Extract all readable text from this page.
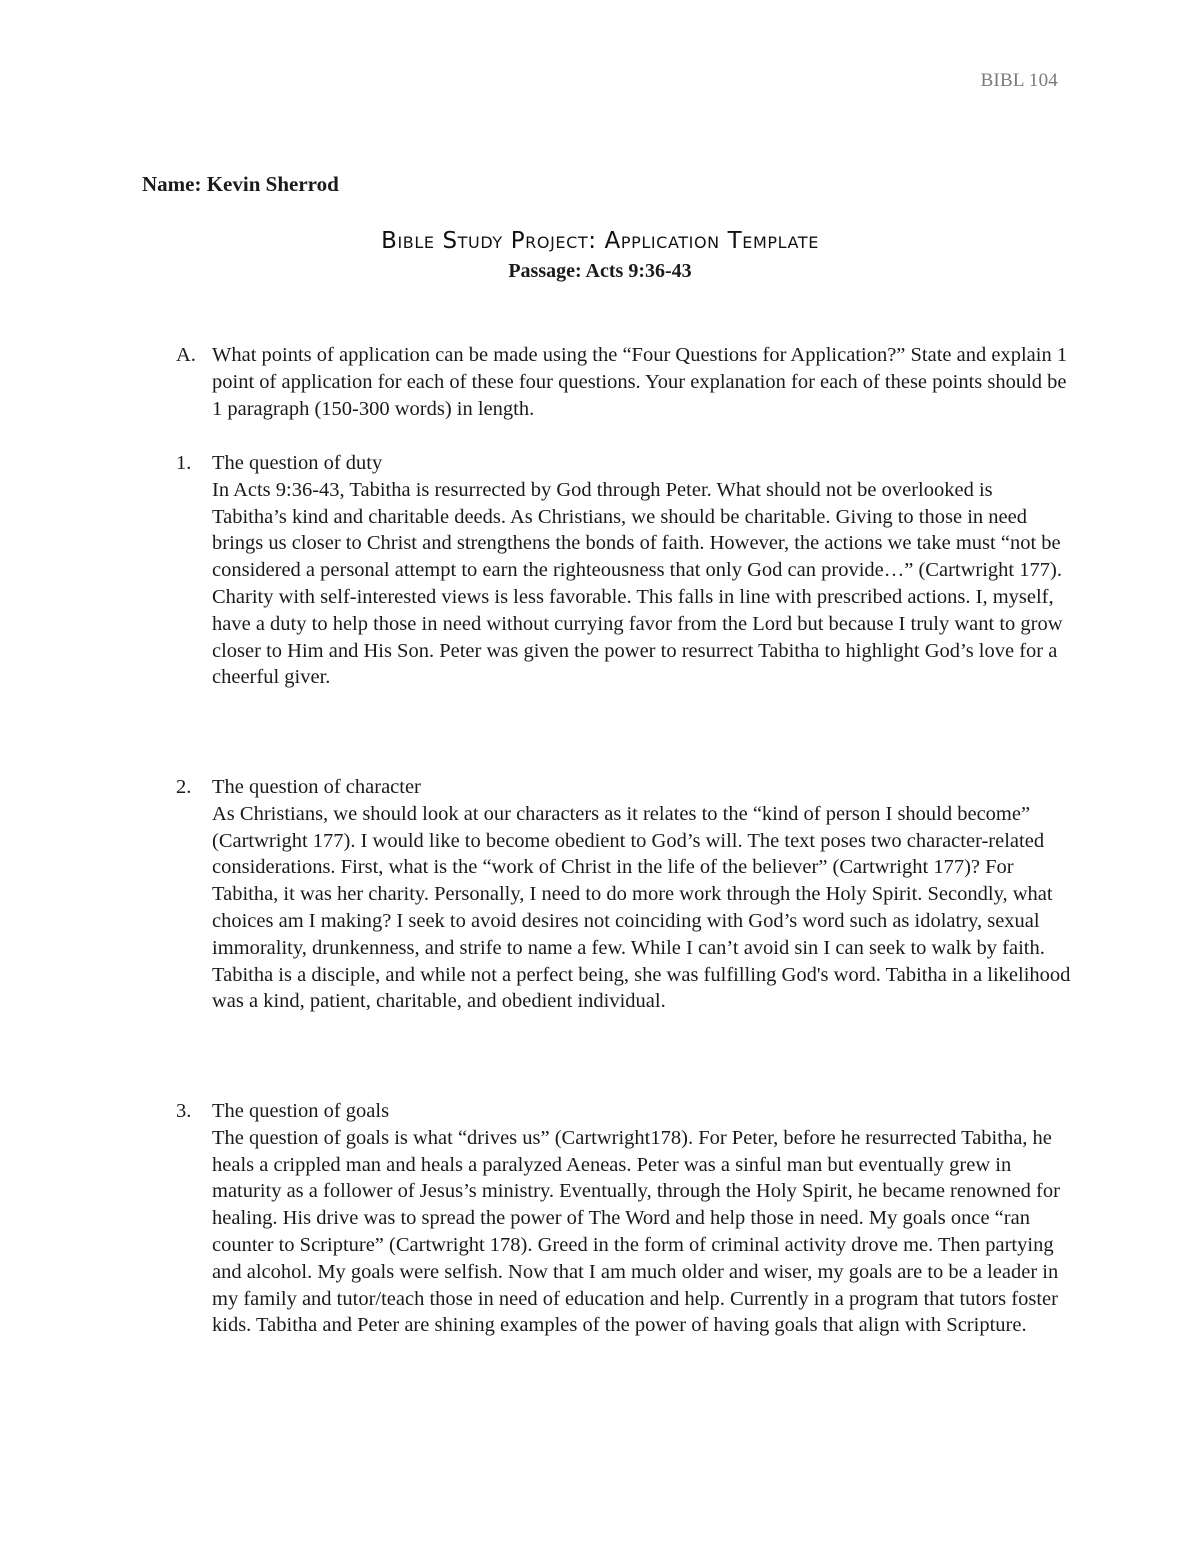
BIBL 104
Name: Kevin Sherrod
Bible Study Project: Application Template
Passage: Acts 9:36-43
A. What points of application can be made using the “Four Questions for Application?” State and explain 1 point of application for each of these four questions. Your explanation for each of these points should be 1 paragraph (150-300 words) in length.
1. The question of duty
In Acts 9:36-43, Tabitha is resurrected by God through Peter. What should not be overlooked is Tabitha’s kind and charitable deeds. As Christians, we should be charitable. Giving to those in need brings us closer to Christ and strengthens the bonds of faith. However, the actions we take must “not be considered a personal attempt to earn the righteousness that only God can provide…” (Cartwright 177). Charity with self-interested views is less favorable. This falls in line with prescribed actions. I, myself, have a duty to help those in need without currying favor from the Lord but because I truly want to grow closer to Him and His Son. Peter was given the power to resurrect Tabitha to highlight God’s love for a cheerful giver.
2. The question of character
As Christians, we should look at our characters as it relates to the “kind of person I should become” (Cartwright 177). I would like to become obedient to God’s will. The text poses two character-related considerations. First, what is the “work of Christ in the life of the believer” (Cartwright 177)? For Tabitha, it was her charity. Personally, I need to do more work through the Holy Spirit. Secondly, what choices am I making? I seek to avoid desires not coinciding with God’s word such as idolatry, sexual immorality, drunkenness, and strife to name a few. While I can’t avoid sin I can seek to walk by faith. Tabitha is a disciple, and while not a perfect being, she was fulfilling God's word. Tabitha in a likelihood was a kind, patient, charitable, and obedient individual.
3. The question of goals
The question of goals is what “drives us” (Cartwright178). For Peter, before he resurrected Tabitha, he heals a crippled man and heals a paralyzed Aeneas. Peter was a sinful man but eventually grew in maturity as a follower of Jesus’s ministry. Eventually, through the Holy Spirit, he became renowned for healing. His drive was to spread the power of The Word and help those in need. My goals once “ran counter to Scripture” (Cartwright 178). Greed in the form of criminal activity drove me. Then partying and alcohol. My goals were selfish. Now that I am much older and wiser, my goals are to be a leader in my family and tutor/teach those in need of education and help. Currently in a program that tutors foster kids. Tabitha and Peter are shining examples of the power of having goals that align with Scripture.
